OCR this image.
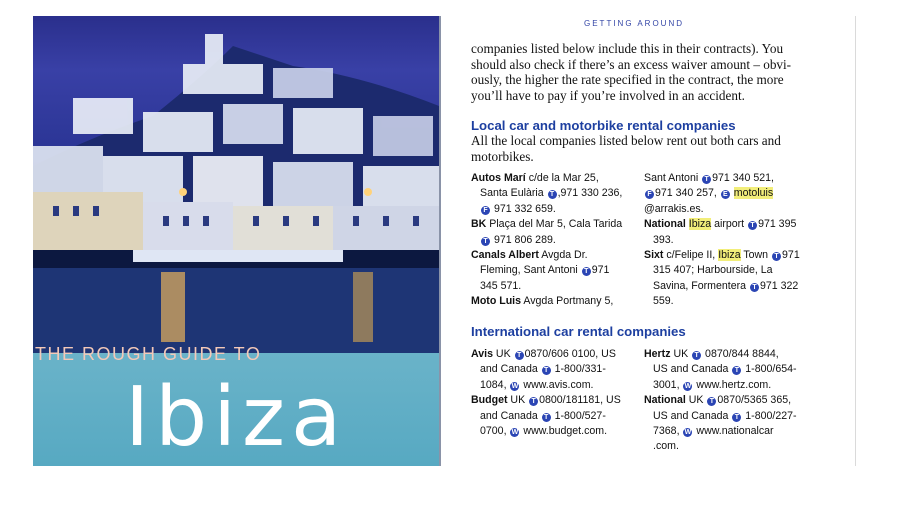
THE ROUGH GUIDE TO
Ibiza
GETTING AROUND
companies listed below include this in their contracts). You
should also check if there’s an excess waiver amount – obvi-
ously, the higher the rate specified in the contract, the more
you’ll have to pay if you’re involved in an accident.
Local car and motorbike rental companies
All the local companies listed below rent out both cars and
motorbikes.
Autos Marí c/de la Mar 25,
Santa Eulària T ,971 330 236,
F 971 332 659.
BK Plaça del Mar 5, Cala Tarida
T 971 806 289.
Canals Albert Avgda Dr.
Fleming, Sant Antoni T 971
345 571.
Moto Luis Avgda Portmany 5,
Sant Antoni T 971 340 521,
F 971 340 257, E motoluis
@arrakis.es.
National Ibiza airport T 971 395
393.
Sixt c/Felipe II, Ibiza Town T 971
315 407; Harbourside, La
Savina, Formentera T 971 322
559.
International car rental companies
Avis UK T 0870/606 0100, US
and Canada T 1-800/331-
1084, W www.avis.com.
Budget UK T 0800/181181, US
and Canada T 1-800/527-
0700, W www.budget.com.
Hertz UK T 0870/844 8844,
US and Canada T 1-800/654-
3001, W www.hertz.com.
National UK T 0870/5365 365,
US and Canada T 1-800/227-
7368, W www.nationalcar
.com.
